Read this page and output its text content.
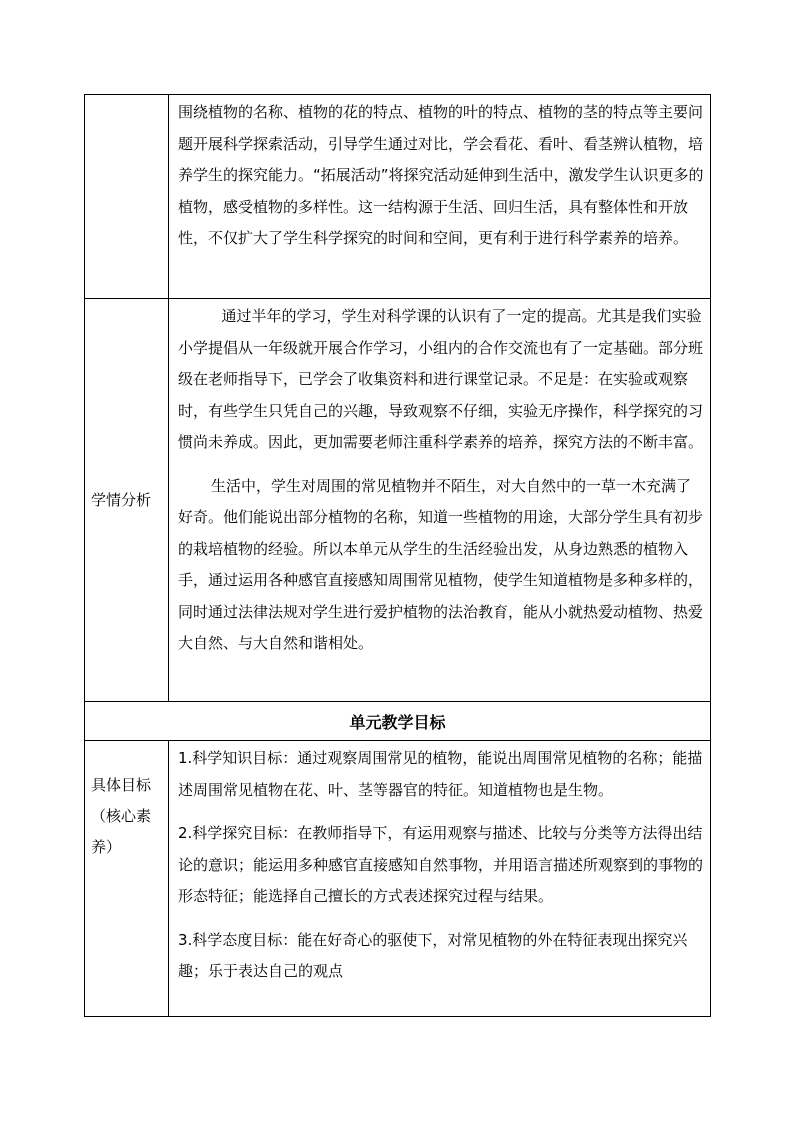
	围绕植物的名称、植物的花的特点、植物的叶的特点、植物的茎的特点等主要问题开展科学探索活动，引导学生通过对比，学会看花、看叶、看茎辨认植物，培养学生的探究能力。“拓展活动”将探究活动延伸到生活中，激发学生认识更多的植物，感受植物的多样性。这一结构源于生活、回归生活，具有整体性和开放性，不仅扩大了学生科学探究的时间和空间，更有利于进行科学素养的培养。

学情分析	通过半年的学习，学生对科学课的认识有了一定的提高。尤其是我们实验小学提倡从一年级就开展合作学习，小组内的合作交流也有了一定基础。部分班级在老师指导下，已学会了收集资料和进行课堂记录。不足是：在实验或观察时，有些学生只凭自己的兴趣，导致观察不仔细，实验无序操作，科学探究的习惯尚未养成。因此，更加需要老师注重科学素养的培养，探究方法的不断丰富。

生活中，学生对周围的常见植物并不陌生，对大自然中的一草一木充满了好奇。他们能说出部分植物的名称，知道一些植物的用途，大部分学生具有初步的栽培植物的经验。所以本单元从学生的生活经验出发，从身边熟悉的植物入手，通过运用各种感官直接感知周围常见植物，使学生知道植物是多种多样的，同时通过法律法规对学生进行爱护植物的法治教育，能从小就热爱动植物、热爱大自然、与大自然和谐相处。

单元教学目标	
具体目标（核心素养）	1.科学知识目标：通过观察周围常见的植物，能说出周围常见植物的名称；能描述周围常见植物在花、叶、茎等器官的特征。知道植物也是生物。

2.科学探究目标：在教师指导下，有运用观察与描述、比较与分类等方法得出结论的意识；能运用多种感官直接感知自然事物，并用语言描述所观察到的事物的形态特征；能选择自己擅长的方式表述探究过程与结果。

3.科学态度目标：能在好奇心的驱使下，对常见植物的外在特征表现出探究兴趣；乐于表达自己的观点
